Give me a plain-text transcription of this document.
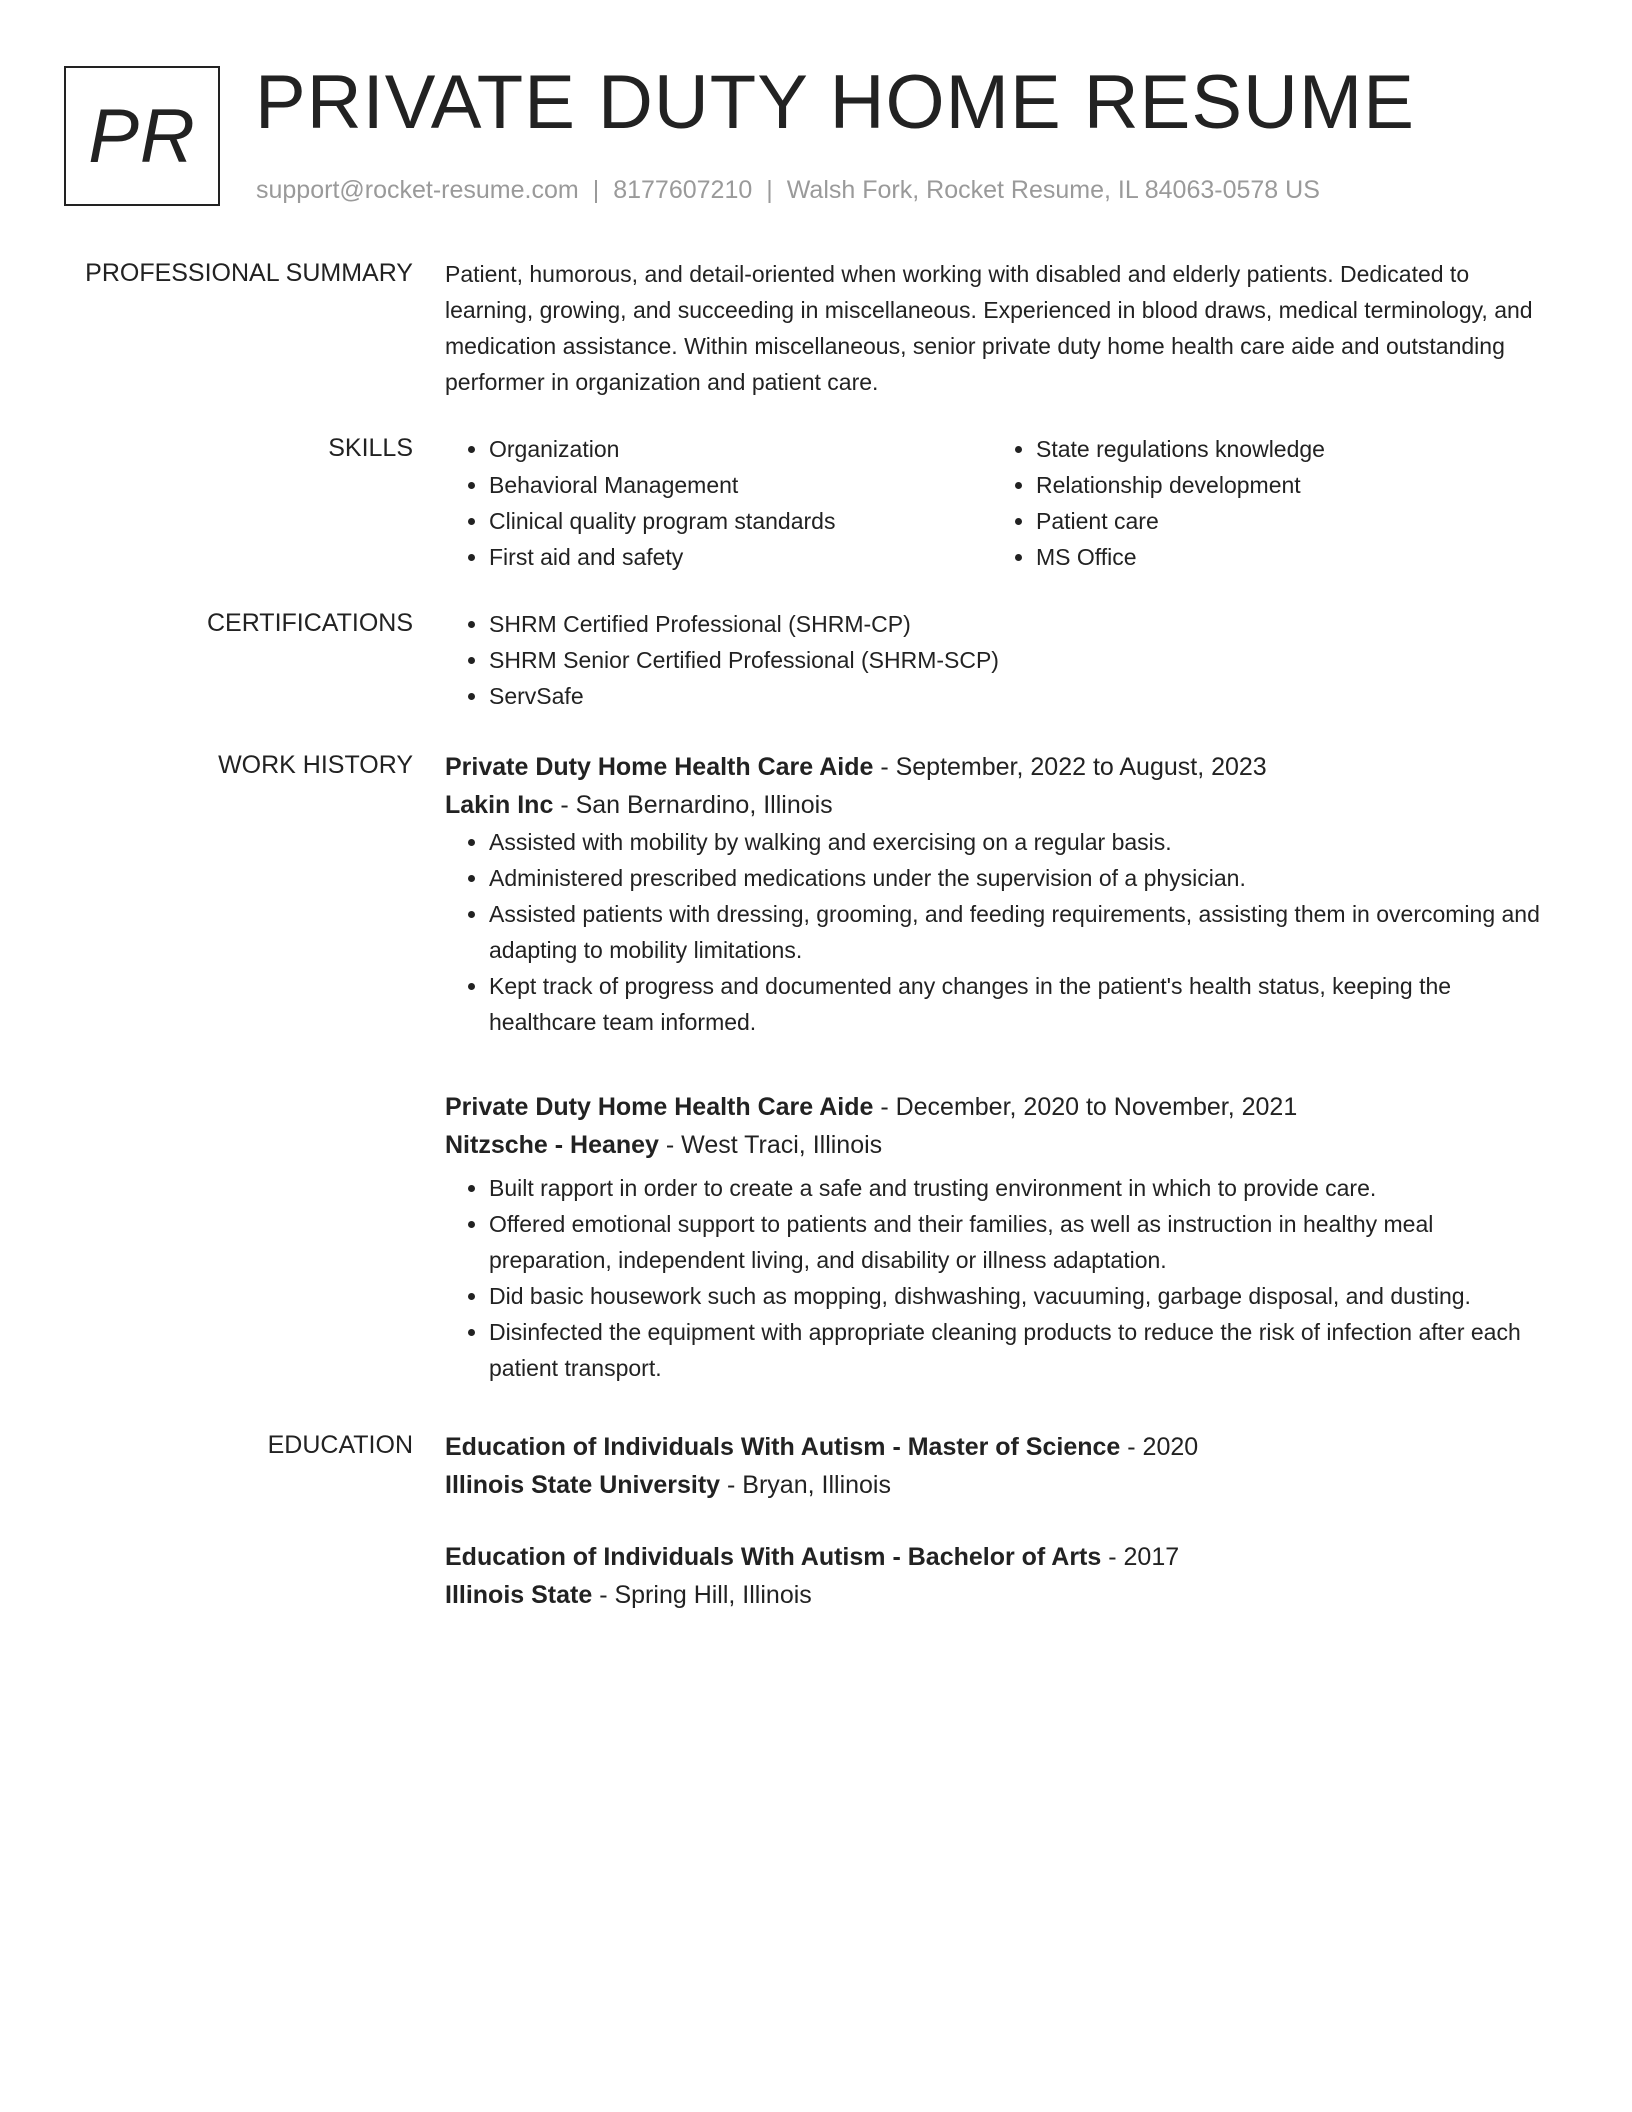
PR PRIVATE DUTY HOME RESUME
support@rocket-resume.com | 8177607210 | Walsh Fork, Rocket Resume, IL 84063-0578 US
PROFESSIONAL SUMMARY Patient, humorous, and detail-oriented when working with disabled and elderly patients. Dedicated to learning, growing, and succeeding in miscellaneous. Experienced in blood draws, medical terminology, and medication assistance. Within miscellaneous, senior private duty home health care aide and outstanding performer in organization and patient care.

SKILLS	• Organization
• Behavioral Management
• Clinical quality program standards
• First aid and safety
• State regulations knowledge
• Relationship development
• Patient care
• MS Office
CERTIFICATIONS	• SHRM Certified Professional (SHRM-CP)
• SHRM Senior Certified Professional (SHRM-SCP)
• ServSafe
WORK HISTORY Private Duty Home Health Care Aide - September, 2022 to August, 2023

Lakin Inc - San Bernardino, Illinois

• Assisted with mobility by walking and exercising on a regular basis.
• Administered prescribed medications under the supervision of a physician.
• Assisted patients with dressing, grooming, and feeding requirements, assisting them in overcoming and adapting to mobility limitations.
• Kept track of progress and documented any changes in the patient's health status, keeping the healthcare team informed.

Private Duty Home Health Care Aide - December, 2020 to November, 2021

Nitzsche - Heaney - West Traci, Illinois

• Built rapport in order to create a safe and trusting environment in which to provide care.
• Offered emotional support to patients and their families, as well as instruction in healthy meal preparation, independent living, and disability or illness adaptation.
• Did basic housework such as mopping, dishwashing, vacuuming, garbage disposal, and dusting.
• Disinfected the equipment with appropriate cleaning products to reduce the risk of infection after each patient transport.
EDUCATION Education of Individuals With Autism - Master of Science - 2020

Illinois State University - Bryan, Illinois

Education of Individuals With Autism - Bachelor of Arts - 2017

Illinois State - Spring Hill, Illinois
